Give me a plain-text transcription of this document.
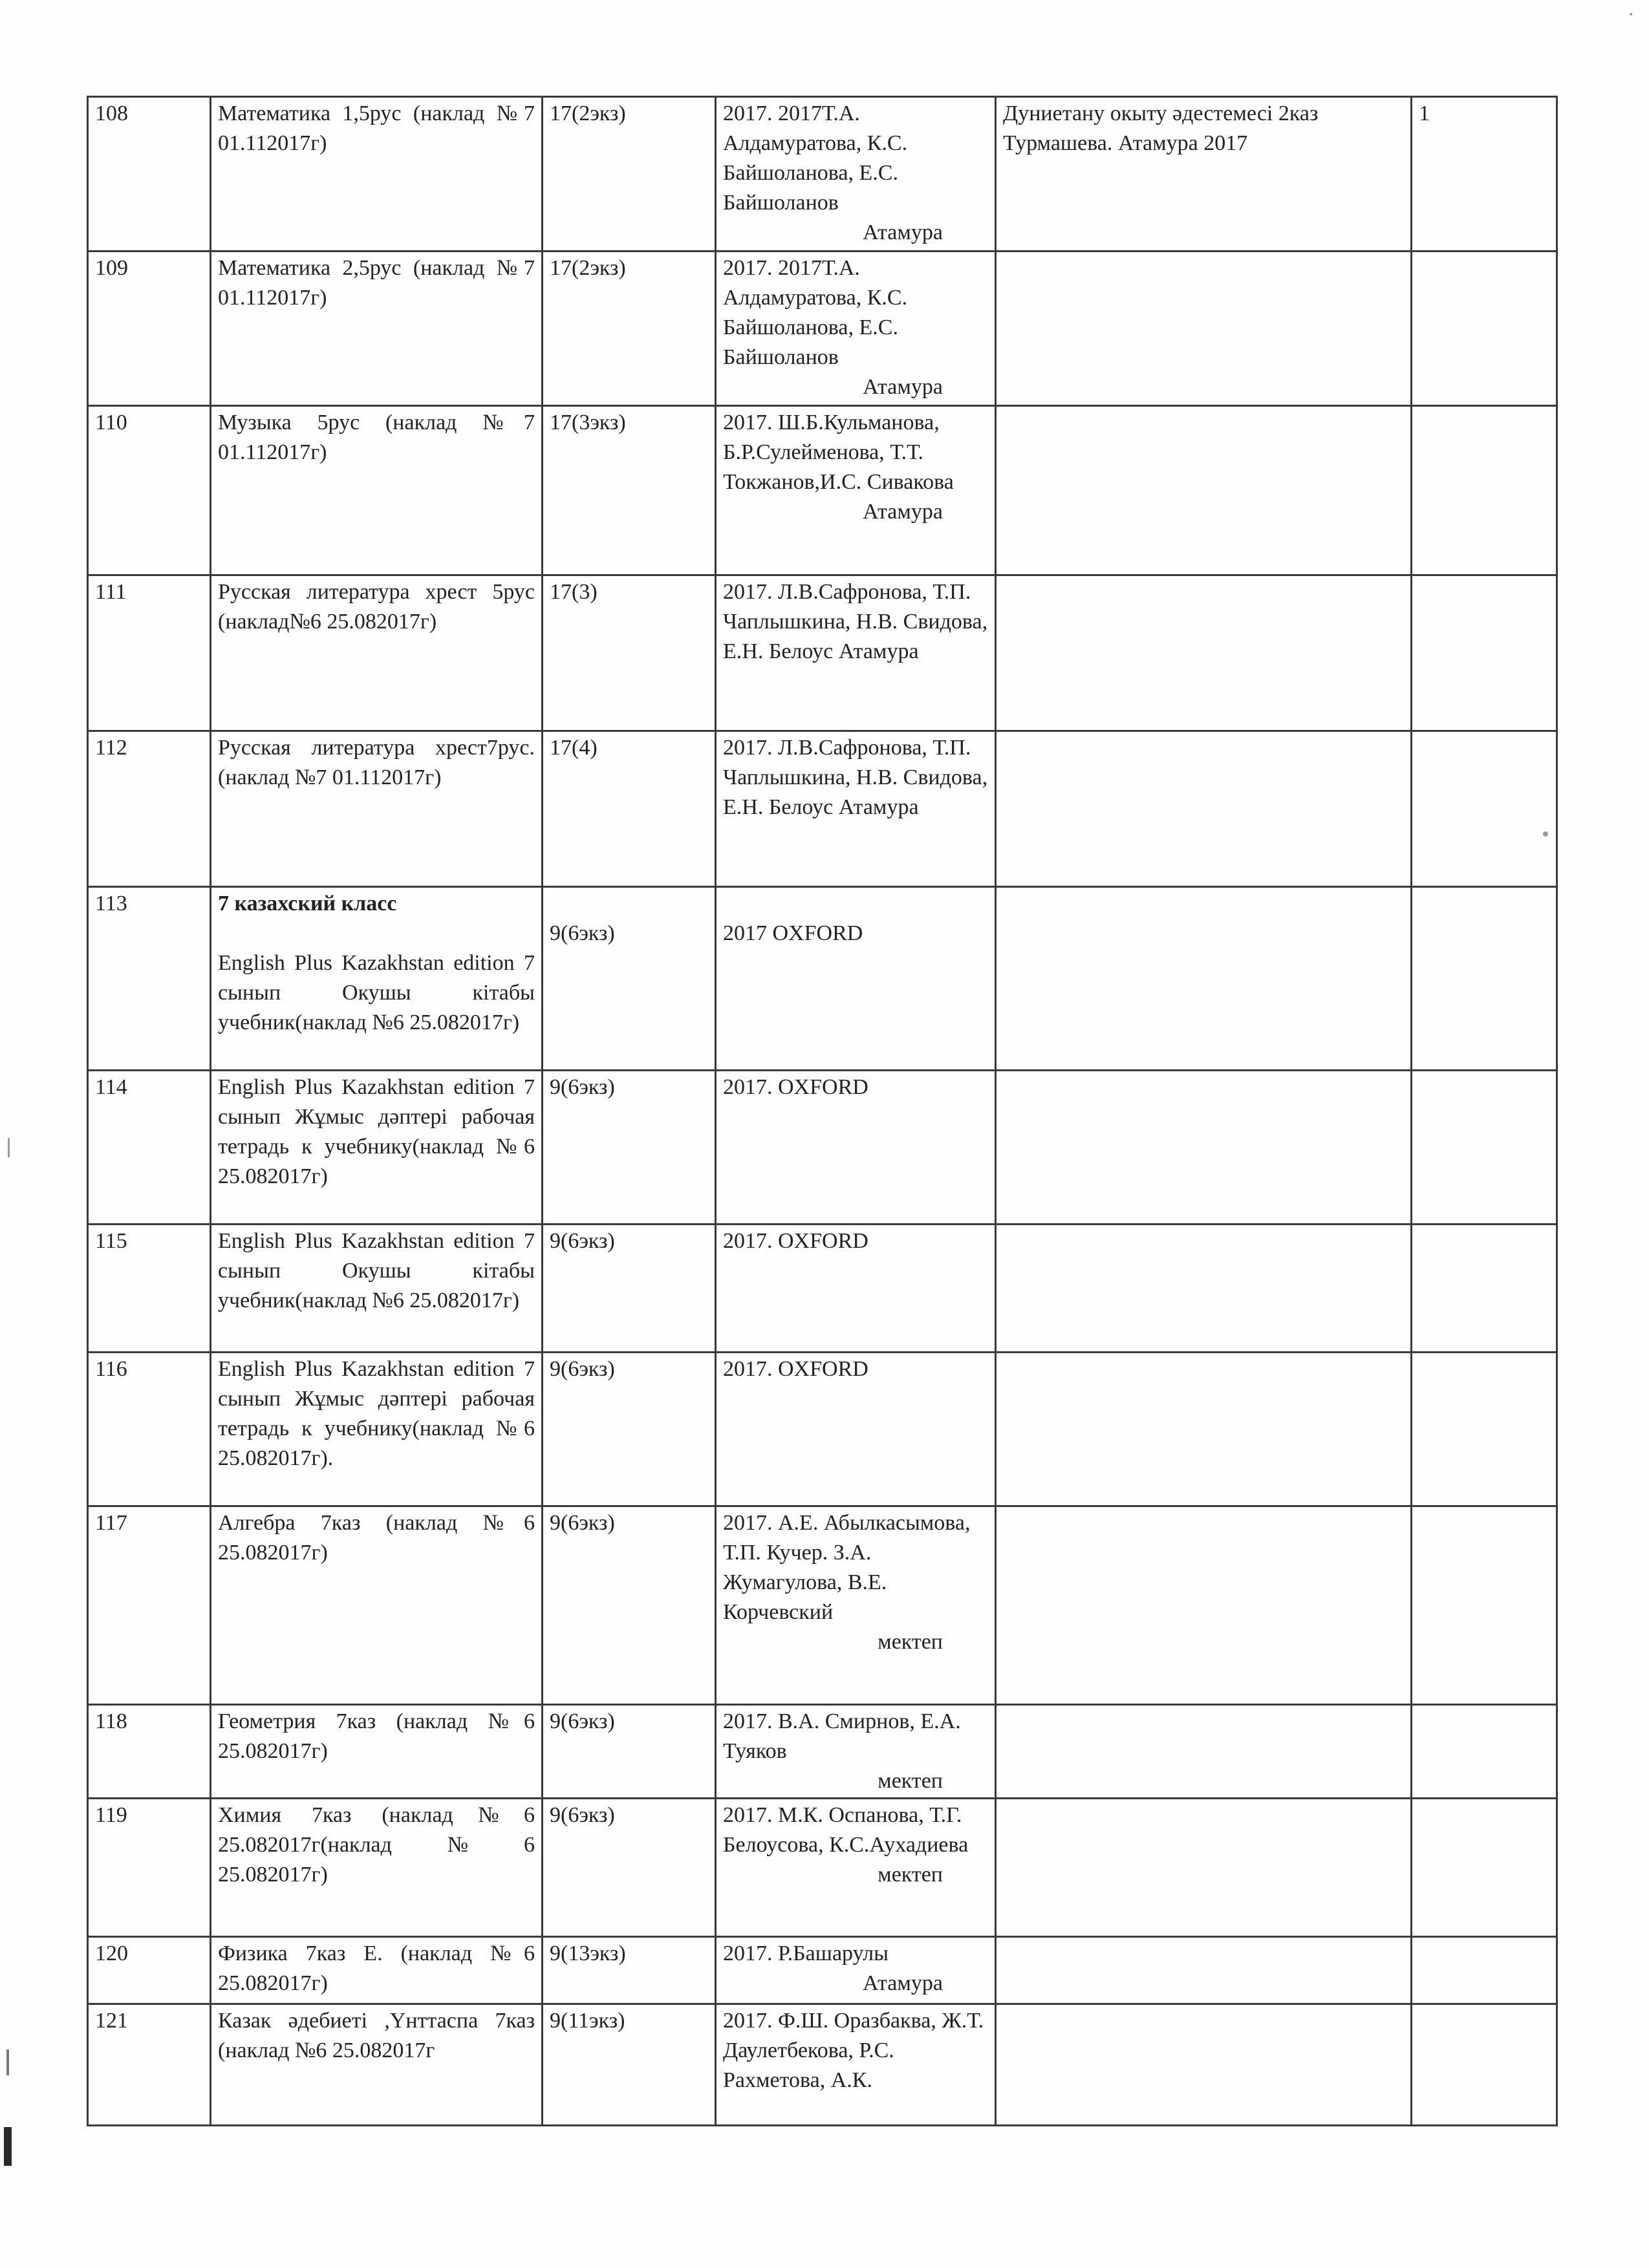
108	Математика 1,5рус (наклад №7 01.112017г)	17(2экз)	2017. 2017Т.А. Алдамуратова, К.С. Байшоланова, Е.С. Байшоланов
Атамура	Дуниетану окыту әдестемесі 2каз Турмашева. Атамура 2017	1
109	Математика 2,5рус (наклад №7 01.112017г)	17(2экз)	2017. 2017Т.А. Алдамуратова, К.С. Байшоланова, Е.С. Байшоланов
Атамура		

110	Музыка 5рус (наклад №7 01.112017г)	17(3экз)	2017. Ш.Б.Кульманова, Б.Р.Сулейменова, Т.Т. Токжанов,И.С. Сивакова
Атамура		

111	Русская литература хрест 5рус (наклад№6 25.082017г)	17(3)	2017. Л.В.Сафронова, Т.П. Чаплышкина, Н.В. Свидова, Е.Н. Белоус Атамура		

112	Русская литература хрест7рус.(наклад №7 01.112017г)	17(4)	2017. Л.В.Сафронова, Т.П. Чаплышкина, Н.В. Свидова, Е.Н. Белоус Атамура		

113	7 казахский класс
English Plus Kazakhstan edition 7 сынып Окушы кітабы учебник(наклад №6 25.082017г)	9(6экз)	2017 OXFORD		

114	English Plus Kazakhstan edition 7 сынып Жұмыс дәптері рабочая тетрадь к учебнику(наклад №6 25.082017г)	9(6экз)	2017. OXFORD		

115	English Plus Kazakhstan edition 7 сынып Окушы кітабы учебник(наклад №6 25.082017г)	9(6экз)	2017. OXFORD		

116	English Plus Kazakhstan edition 7 сынып Жұмыс дәптері рабочая тетрадь к учебнику(наклад №6 25.082017г).	9(6экз)	2017. OXFORD		

117	Алгебра 7каз (наклад №6 25.082017г)	9(6экз)	2017. А.Е. Абылкасымова, Т.П. Кучер. З.А. Жумагулова, В.Е. Корчевский
мектеп		

118	Геометрия 7каз (наклад №6 25.082017г)	9(6экз)	2017. В.А. Смирнов, Е.А. Туяков
мектеп		

119	Химия 7каз (наклад№6 25.082017г(наклад№6 25.082017г)	9(6экз)	2017. М.К. Оспанова, Т.Г. Белоусова, К.С.Аухадиева
мектеп		

120	Физика 7каз Е. (наклад №6 25.082017г)	9(13экз)	2017. Р.Башарулы
Атамура		

121	Казак әдебиеті ,Үнттаспа 7каз (наклад №6 25.082017г	9(11экз)	2017. Ф.Ш. Оразбаква, Ж.Т. Даулетбекова, Р.С. Рахметова, А.К.		
